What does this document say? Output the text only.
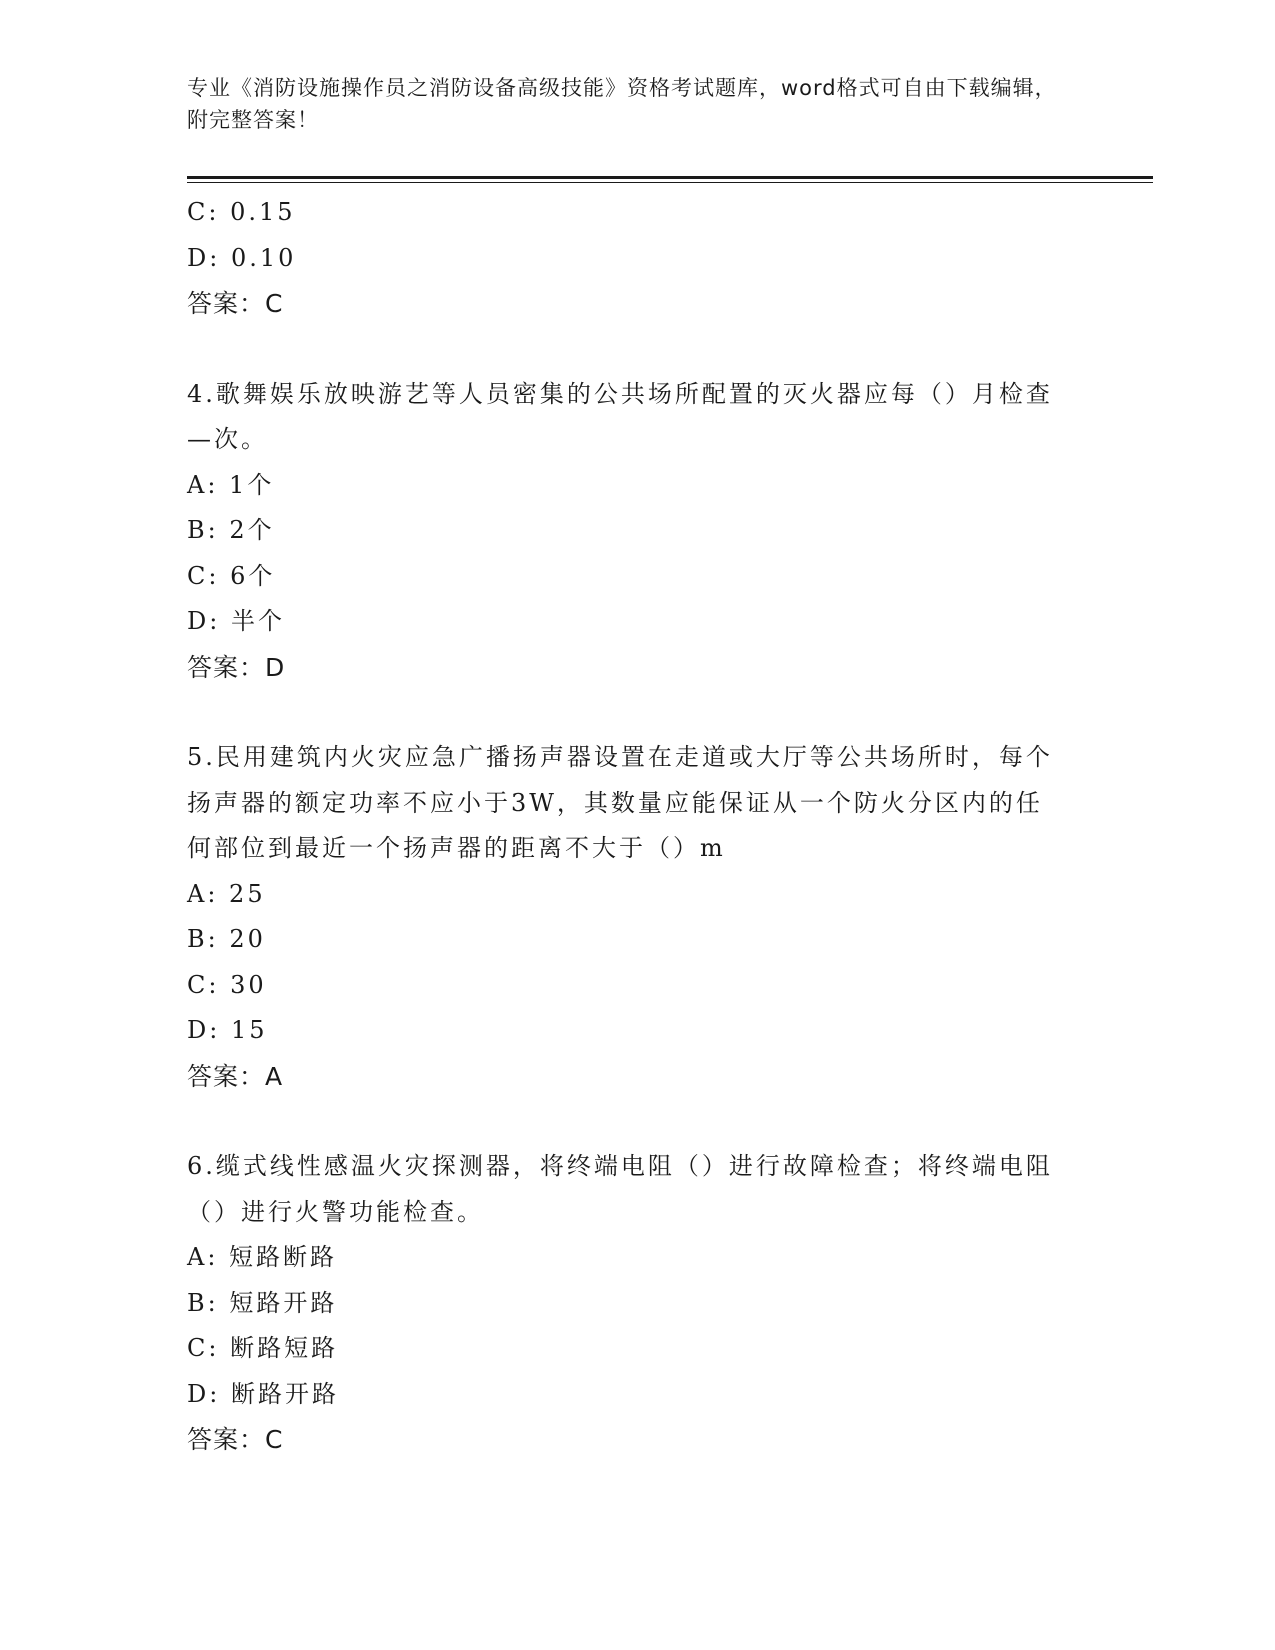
专业《消防设施操作员之消防设备高级技能》资格考试题库，word格式可自由下载编辑，附完整答案！
C: 0.15
D: 0.10
答案：C
4.歌舞娱乐放映游艺等人员密集的公共场所配置的灭火器应每（）月检查—次。
A: 1个
B: 2个
C: 6个
D: 半个
答案：D
5.民用建筑内火灾应急广播扬声器设置在走道或大厅等公共场所时，每个扬声器的额定功率不应小于3W，其数量应能保证从一个防火分区内的任何部位到最近一个扬声器的距离不大于（）m
A: 25
B: 20
C: 30
D: 15
答案：A
6.缆式线性感温火灾探测器，将终端电阻（）进行故障检查；将终端电阻（）进行火警功能检查。
A: 短路断路
B: 短路开路
C: 断路短路
D: 断路开路
答案：C
